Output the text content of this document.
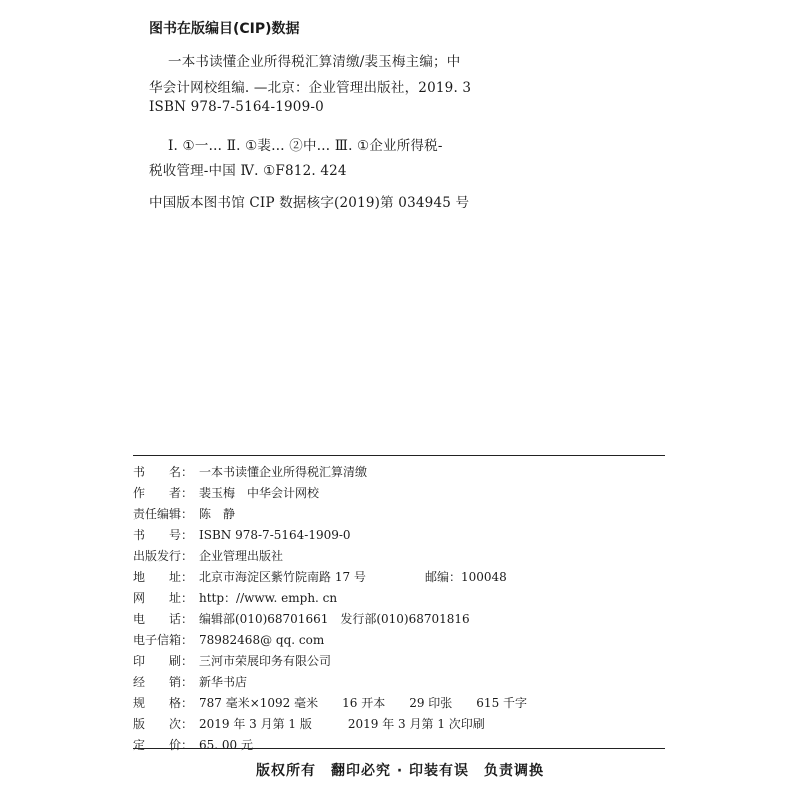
图书在版编目(CIP)数据
一本书读懂企业所得税汇算清缴/裴玉梅主编；中
华会计网校组编. —北京：企业管理出版社，2019. 3
ISBN 978-7-5164-1909-0
Ⅰ. ①一… Ⅱ. ①裴… ②中… Ⅲ. ①企业所得税-
税收管理-中国 Ⅳ. ①F812. 424
中国版本图书馆 CIP 数据核字(2019)第 034945 号
书　　名： 一本书读懂企业所得税汇算清缴
作　　者： 裴玉梅　中华会计网校
责任编辑： 陈　静
书　　号： ISBN 978-7-5164-1909-0
出版发行： 企业管理出版社
地　　址： 北京市海淀区紫竹院南路 17 号	邮编：100048
网　　址： http：//www. emph. cn
电　　话： 编辑部(010)68701661　发行部(010)68701816
电子信箱： 78982468@ qq. com
印　　刷： 三河市荣展印务有限公司
经　　销： 新华书店
规　　格： 787 毫米×1092 毫米　　16 开本　　29 印张　　615 千字
版　　次： 2019 年 3 月第 1 版　　　2019 年 3 月第 1 次印刷
定　　价： 65. 00 元
版权所有　翻印必究 · 印装有误　负责调换
